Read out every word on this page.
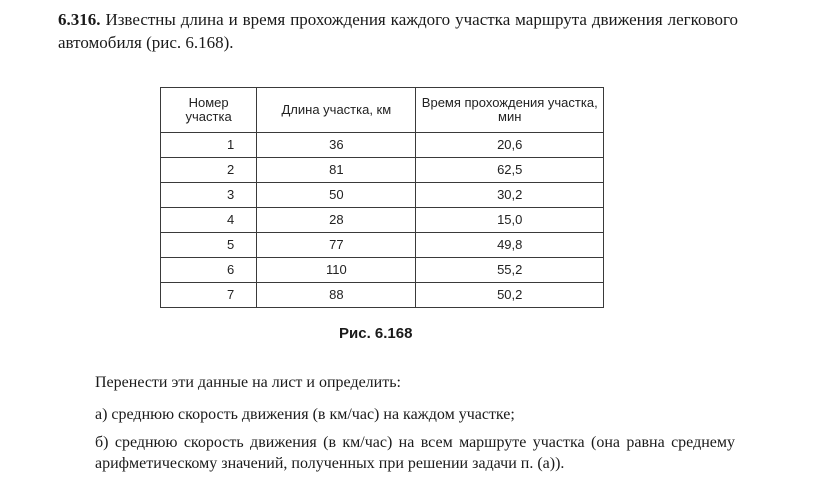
6.316. Известны длина и время прохождения каждого участка маршрута движения легкового автомобиля (рис. 6.168).
Номер участка	Длина участка, км	Время прохождения участка, мин
1	36	20,6
2	81	62,5
3	50	30,2
4	28	15,0
5	77	49,8
6	110	55,2
7	88	50,2
Рис. 6.168
Перенести эти данные на лист и определить:
а) среднюю скорость движения (в км/час) на каждом участке;
б) среднюю скорость движения (в км/час) на всем маршруте участка (она равна среднему арифметическому значений, полученных при решении задачи п. (а)).
